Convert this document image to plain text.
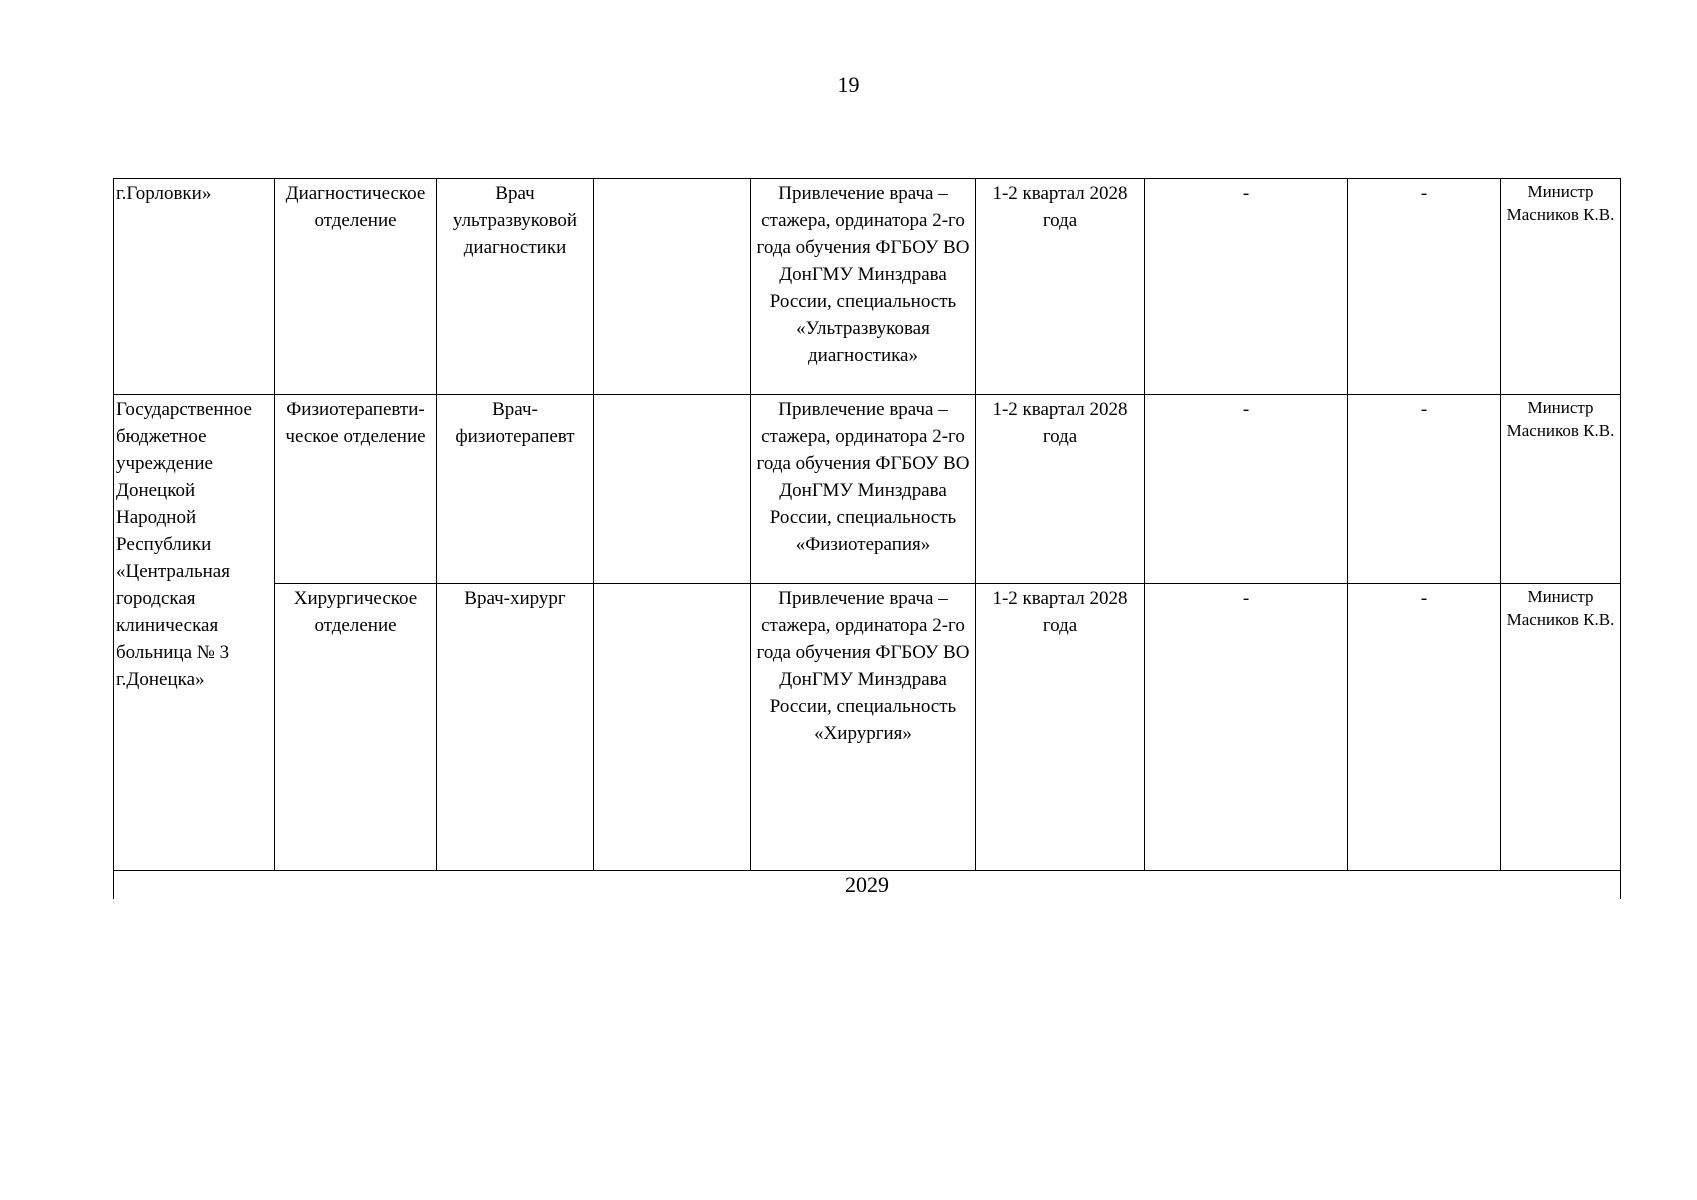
19
г.Горловки»	Диагностическое отделение	Врач ультразвуковой диагностики		Привлечение врача – стажера, ординатора 2-го года обучения ФГБОУ ВО ДонГМУ Минздрава России, специальность «Ультразвуковая диагностика»	1-2 квартал 2028 года	-	-	Министр Масников К.В.
Государственное бюджетное учреждение Донецкой Народной Республики «Центральная городская клиническая больница № 3 г.Донецка»	Физиотерапевти-ческое отделение	Врач-физиотерапевт		Привлечение врача – стажера, ординатора 2-го года обучения ФГБОУ ВО ДонГМУ Минздрава России, специальность «Физиотерапия»	1-2 квартал 2028 года	-	-	Министр Масников К.В.
	Хирургическое отделение	Врач-хирург		Привлечение врача – стажера, ординатора 2-го года обучения ФГБОУ ВО ДонГМУ Минздрава России, специальность «Хирургия»	1-2 квартал 2028 года	-	-	Министр Масников К.В.
2029								
